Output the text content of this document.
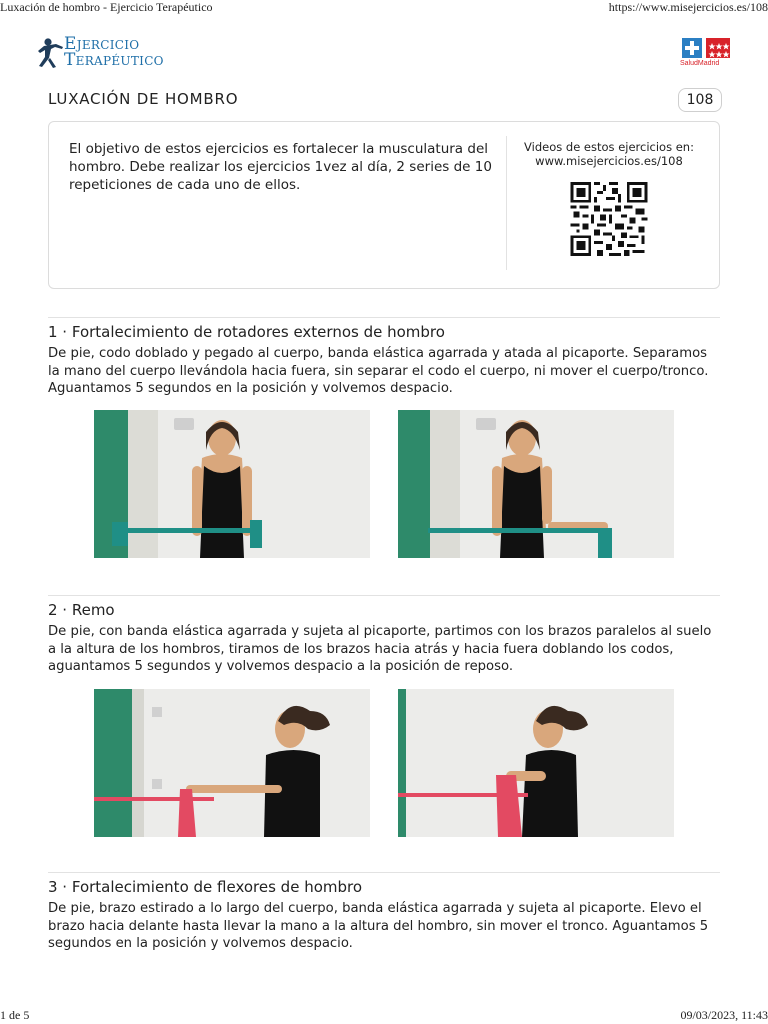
Luxación de hombro - Ejercicio Terapéutico	https://www.misejercicios.es/108
Ejercicio
Terapéutico	SaludMadrid
LUXACIÓN DE HOMBRO	108
El objetivo de estos ejercicios es fortalecer la musculatura del hombro. Debe realizar los ejercicios 1vez al día, 2 series de 10 repeticiones de cada uno de ellos.
Videos de estos ejercicios en:
www.misejercicios.es/108
1 · Fortalecimiento de rotadores externos de hombro
De pie, codo doblado y pegado al cuerpo, banda elástica agarrada y atada al picaporte. Separamos la mano del cuerpo llevándola hacia fuera, sin separar el codo el cuerpo, ni mover el cuerpo/tronco. Aguantamos 5 segundos en la posición y volvemos despacio.
2 · Remo
De pie, con banda elástica agarrada y sujeta al picaporte, partimos con los brazos paralelos al suelo a la altura de los hombros, tiramos de los brazos hacia atrás y hacia fuera doblando los codos, aguantamos 5 segundos y volvemos despacio a la posición de reposo.
3 · Fortalecimiento de flexores de hombro
De pie, brazo estirado a lo largo del cuerpo, banda elástica agarrada y sujeta al picaporte. Elevo el brazo hacia delante hasta llevar la mano a la altura del hombro, sin mover el tronco. Aguantamos 5 segundos en la posición y volvemos despacio.
1 de 5	09/03/2023, 11:43
